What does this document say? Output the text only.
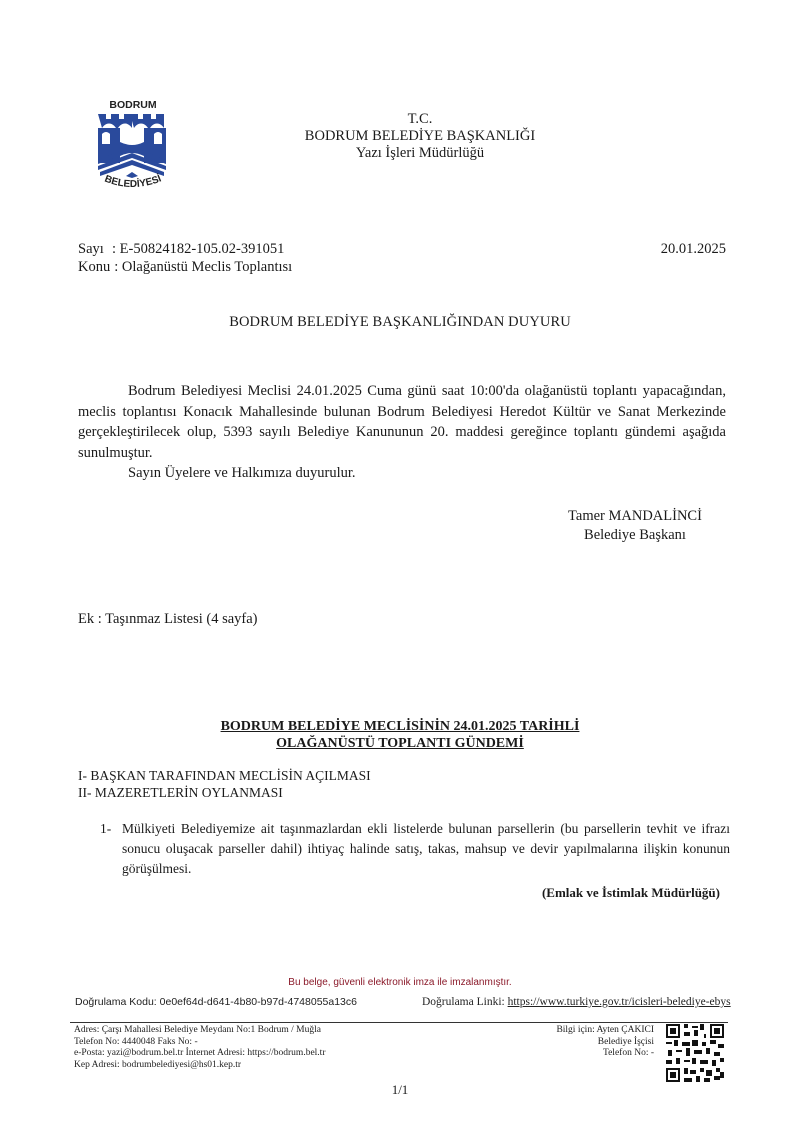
BODRUM
BELEDİYESİ
T.C.
BODRUM BELEDİYE BAŞKANLIĞI
Yazı İşleri Müdürlüğü
Sayı : E-50824182-105.02-391051
Konu : Olağanüstü Meclis Toplantısı
20.01.2025
BODRUM BELEDİYE BAŞKANLIĞINDAN DUYURU

Bodrum Belediyesi Meclisi 24.01.2025 Cuma günü saat 10:00'da olağanüstü toplantı yapacağından, meclis toplantısı Konacık Mahallesinde bulunan Bodrum Belediyesi Heredot Kültür ve Sanat Merkezinde gerçekleştirilecek olup, 5393 sayılı Belediye Kanununun 20. maddesi gereğince toplantı gündemi aşağıda sunulmuştur.

Sayın Üyelere ve Halkımıza duyurulur.

Tamer MANDALİNCİ
Belediye Başkanı
Ek : Taşınmaz Listesi (4 sayfa)
BODRUM BELEDİYE MECLİSİNİN 24.01.2025 TARİHLİ
OLAĞANÜSTÜ TOPLANTI GÜNDEMİ
I- BAŞKAN TARAFINDAN MECLİSİN AÇILMASI
II- MAZERETLERİN OYLANMASI
1- Mülkiyeti Belediyemize ait taşınmazlardan ekli listelerde bulunan parsellerin (bu parsellerin tevhit ve ifrazı sonucu oluşacak parseller dahil) ihtiyaç halinde satış, takas, mahsup ve devir yapılmalarına ilişkin konunun görüşülmesi.
(Emlak ve İstimlak Müdürlüğü)
Bu belge, güvenli elektronik imza ile imzalanmıştır.
Doğrulama Kodu: 0e0ef64d-d641-4b80-b97d-4748055a13c6	Doğrulama Linki: https://www.turkiye.gov.tr/icisleri-belediye-ebys
Adres: Çarşı Mahallesi Belediye Meydanı No:1 Bodrum / Muğla
Telefon No: 4440048 Faks No: -
e-Posta: yazi@bodrum.bel.tr İnternet Adresi: https://bodrum.bel.tr
Kep Adresi: bodrumbelediyesi@hs01.kep.tr
Bilgi için: Ayten ÇAKICI
Belediye İşçisi
Telefon No: -
1/1
